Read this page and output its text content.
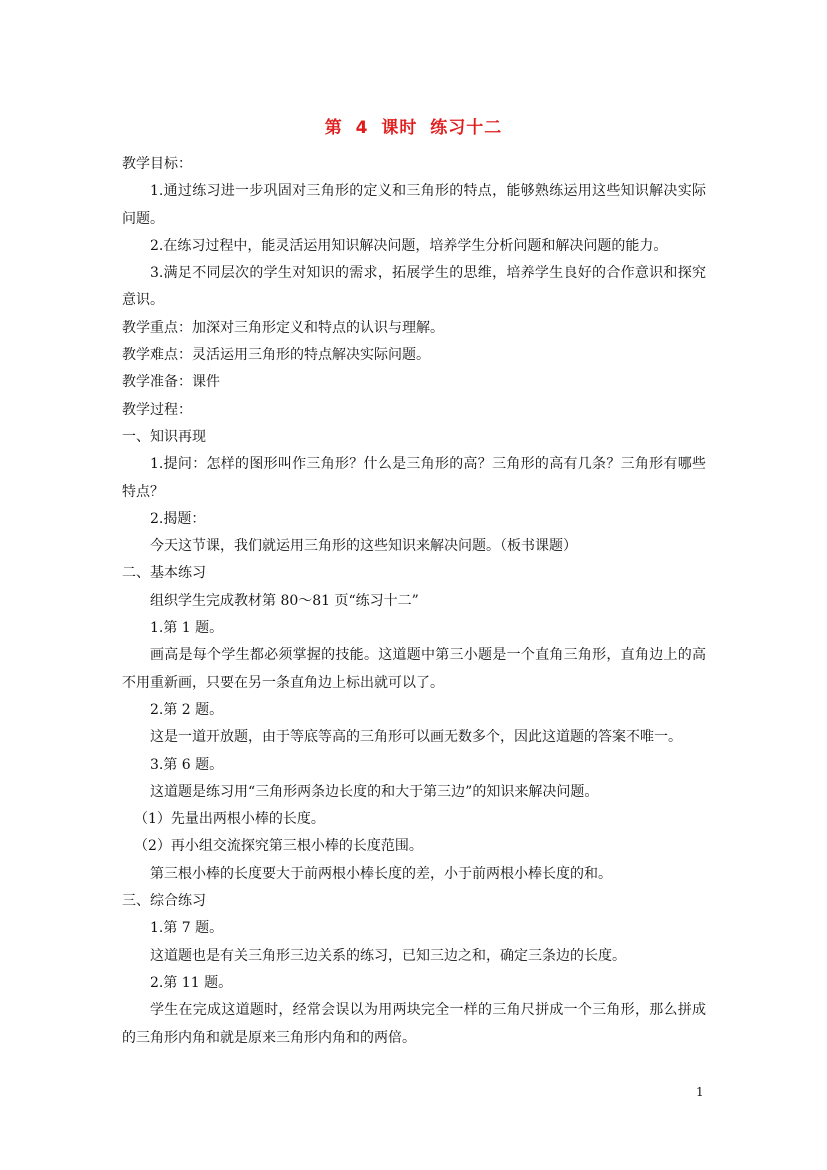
第 4 课时 练习十二

教学目标：

1.通过练习进一步巩固对三角形的定义和三角形的特点，能够熟练运用这些知识解决实际问题。

2.在练习过程中，能灵活运用知识解决问题，培养学生分析问题和解决问题的能力。

3.满足不同层次的学生对知识的需求，拓展学生的思维，培养学生良好的合作意识和探究意识。

教学重点：加深对三角形定义和特点的认识与理解。

教学难点：灵活运用三角形的特点解决实际问题。

教学准备：课件

教学过程：

一、知识再现

1.提问：怎样的图形叫作三角形？什么是三角形的高？三角形的高有几条？三角形有哪些特点？

2.揭题：

今天这节课，我们就运用三角形的这些知识来解决问题。（板书课题）

二、基本练习

组织学生完成教材第 80～81 页“练习十二”

1.第 1 题。

画高是每个学生都必须掌握的技能。这道题中第三小题是一个直角三角形，直角边上的高不用重新画，只要在另一条直角边上标出就可以了。

2.第 2 题。

这是一道开放题，由于等底等高的三角形可以画无数多个，因此这道题的答案不唯一。

3.第 6 题。

这道题是练习用“三角形两条边长度的和大于第三边”的知识来解决问题。

（1）先量出两根小棒的长度。

（2）再小组交流探究第三根小棒的长度范围。

第三根小棒的长度要大于前两根小棒长度的差，小于前两根小棒长度的和。

三、综合练习

1.第 7 题。

这道题也是有关三角形三边关系的练习，已知三边之和，确定三条边的长度。

2.第 11 题。

学生在完成这道题时，经常会误以为用两块完全一样的三角尺拼成一个三角形，那么拼成的三角形内角和就是原来三角形内角和的两倍。

1
